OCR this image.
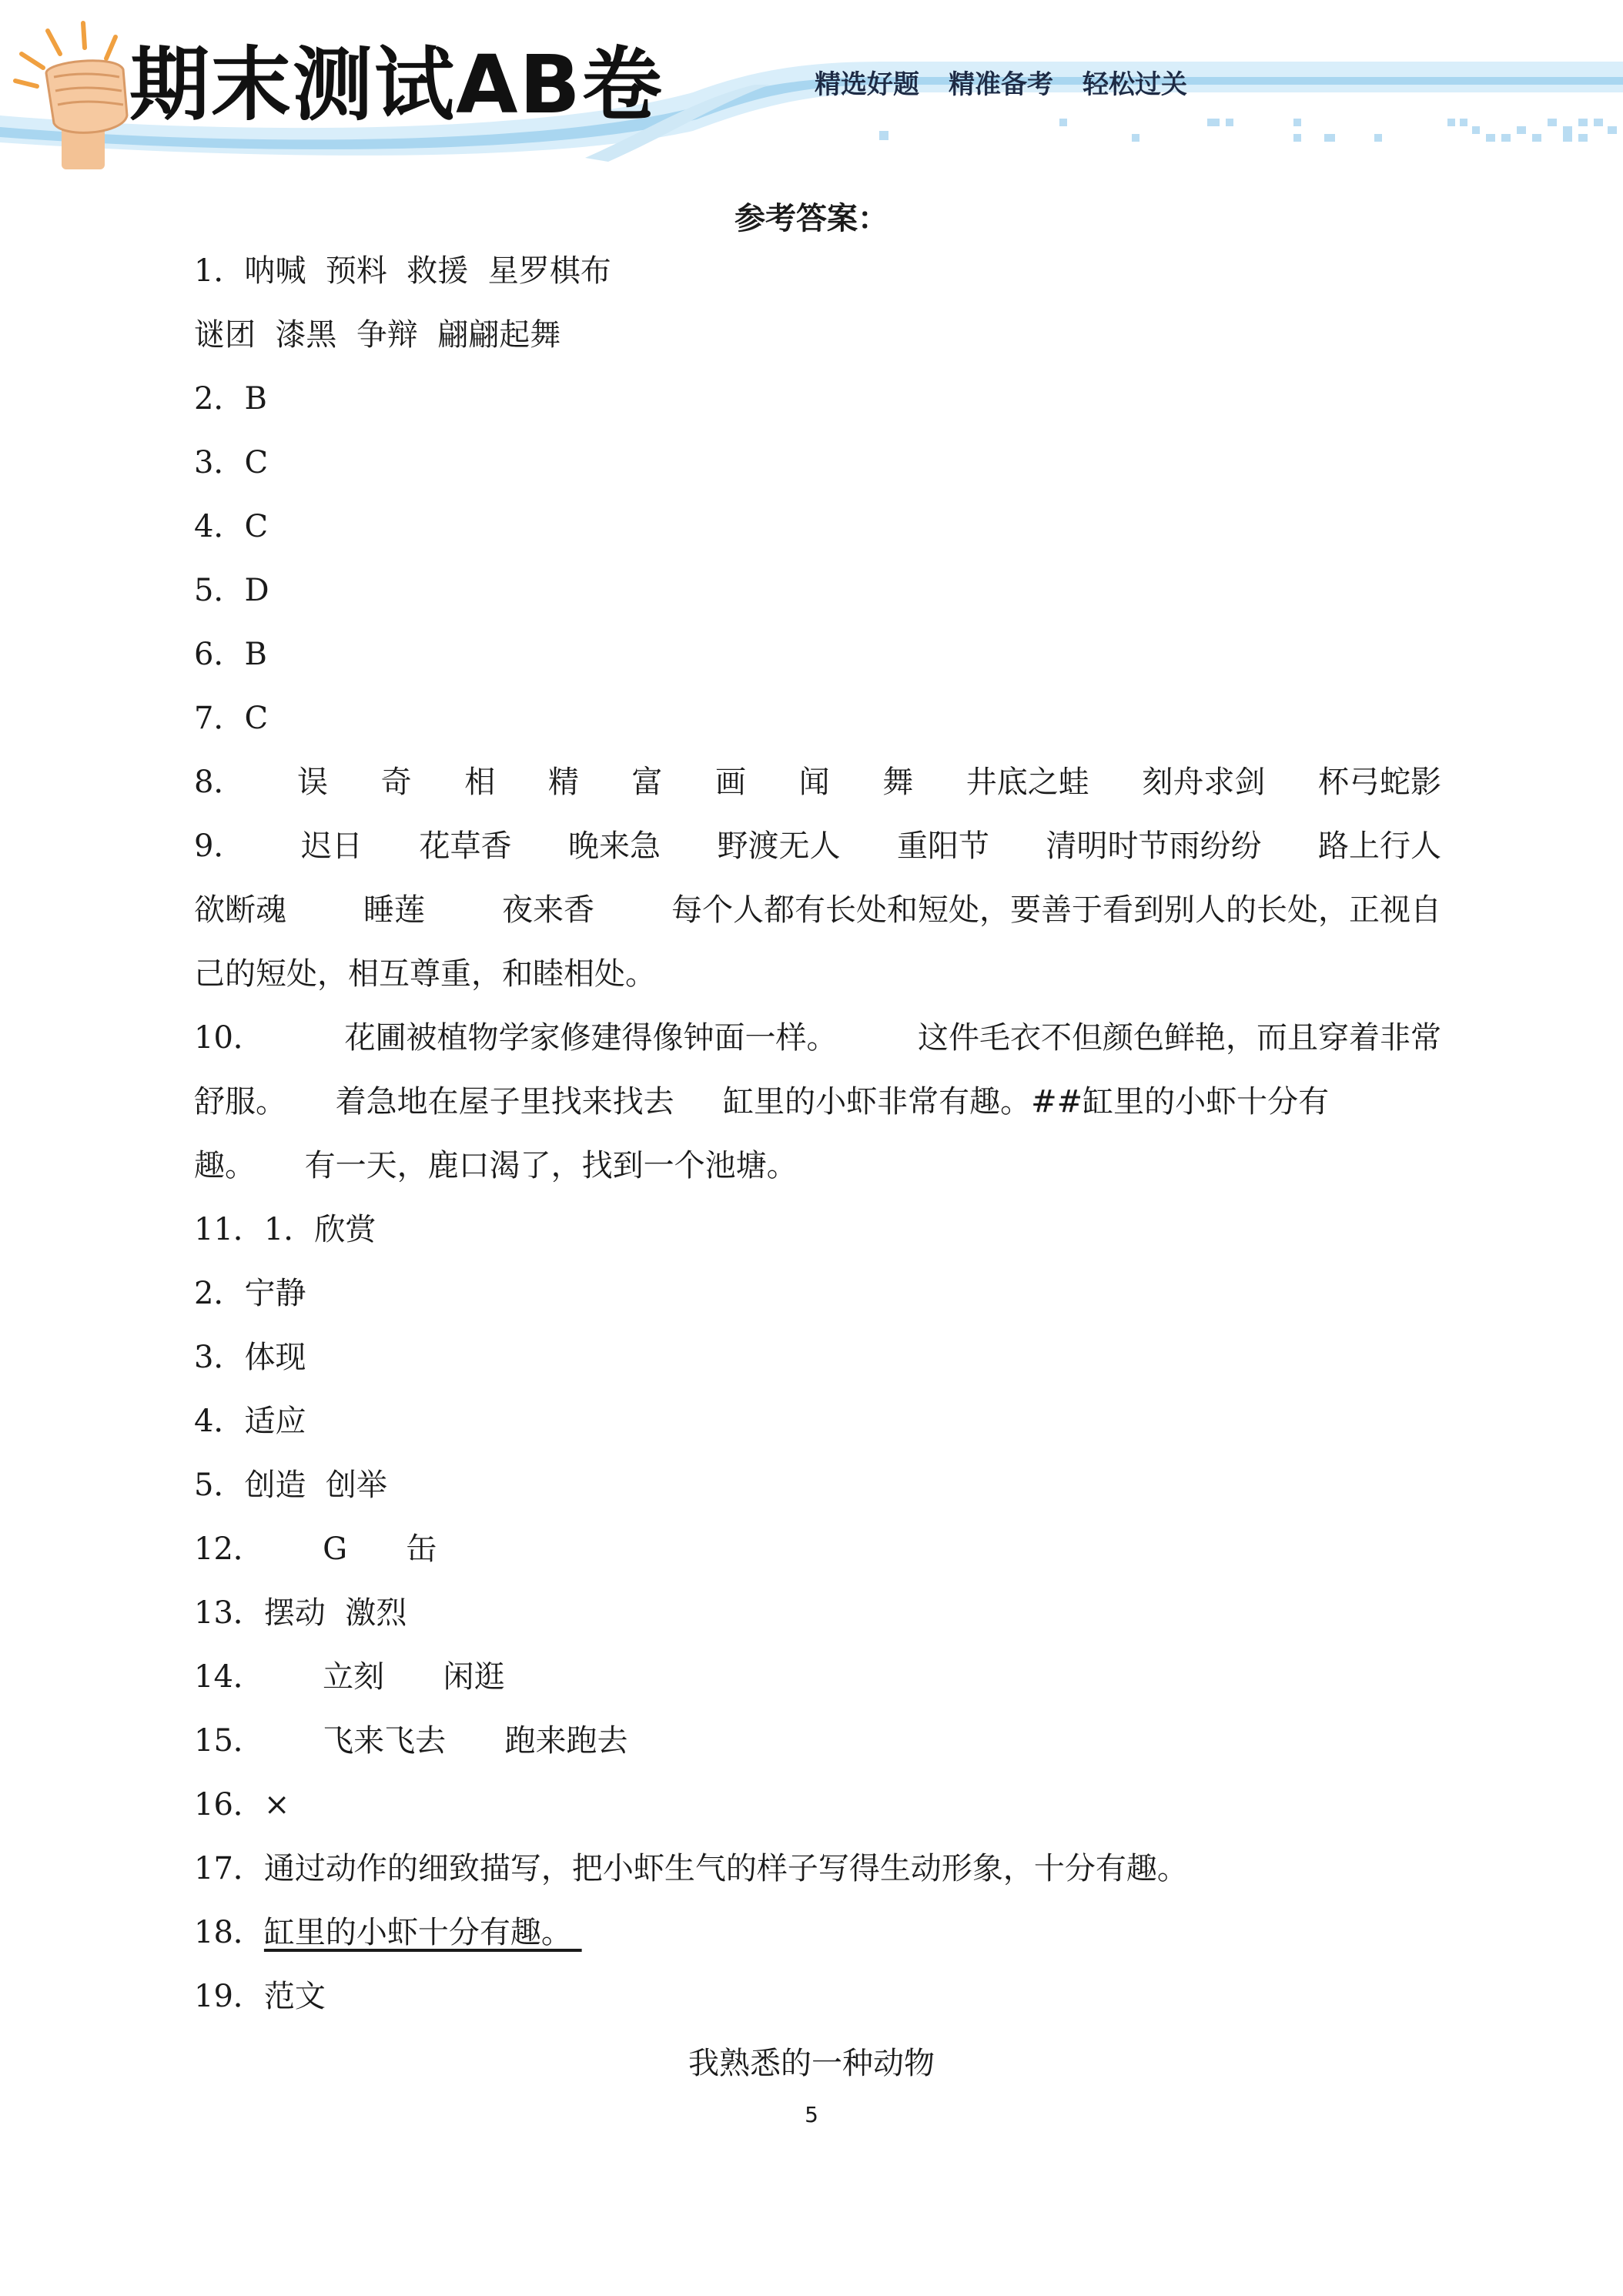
期末测试AB卷	精选好题 精准备考 轻松过关
参考答案：
1．呐喊  预料  救援  星罗棋布
谜团  漆黑  争辩  翩翩起舞
2．B
3．C
4．C
5．D
6．B
7．C
8． 误 奇 相 精 富 画 闻 舞 井底之蛙 刻舟求剑 杯弓蛇影
9． 迟日 花草香 晚来急 野渡无人 重阳节 清明时节雨纷纷 路上行人
欲断魂	睡莲	夜来香	每个人都有长处和短处，要善于看到别人的长处，正视自
己的短处，相互尊重，和睦相处。
10．	花圃被植物学家修建得像钟面一样。	这件毛衣不但颜色鲜艳，而且穿着非常
舒服。     着急地在屋子里找来找去     缸里的小虾非常有趣。##缸里的小虾十分有
趣。     有一天，鹿口渴了，找到一个池塘。
11．1．欣赏
2．宁静
3．体现
4．适应
5．创造  创举
12．      G      缶
13．摆动  激烈
14．      立刻      闲逛
15．      飞来飞去      跑来跑去
16．×
17．通过动作的细致描写，把小虾生气的样子写得生动形象，十分有趣。
18．缸里的小虾十分有趣。
19．范文
我熟悉的一种动物
5
